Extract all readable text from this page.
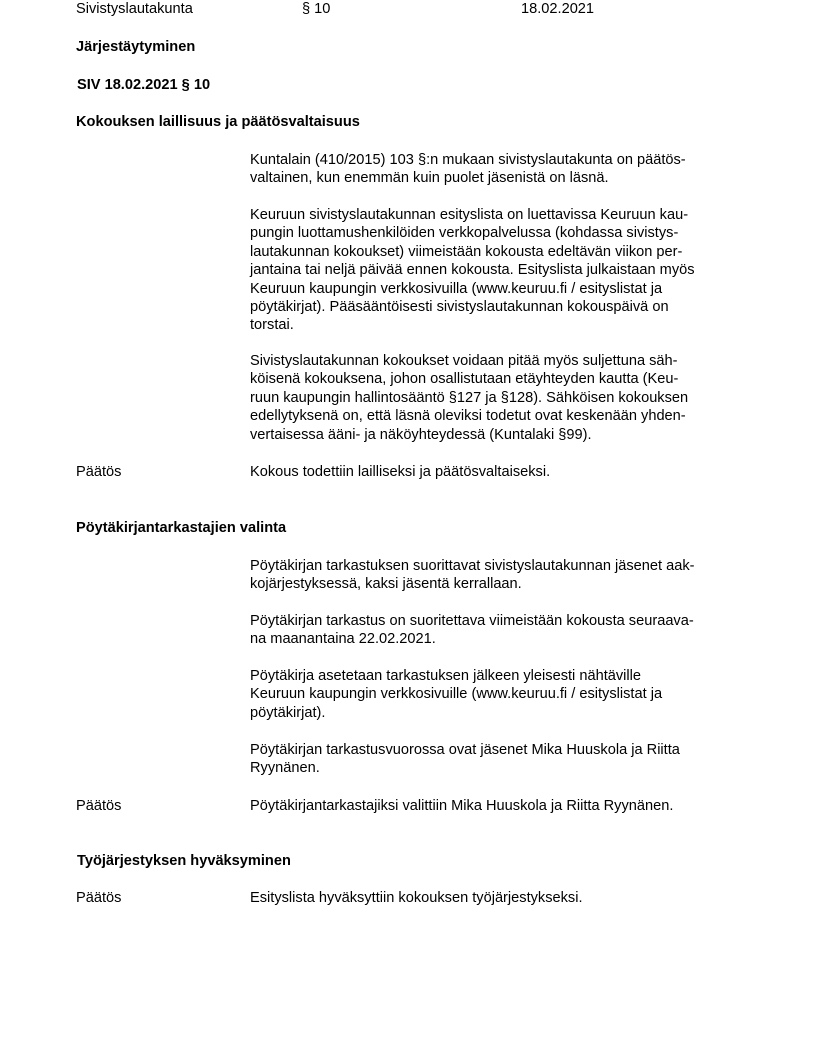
Sivistyslautakunta	§ 10	18.02.2021
Järjestäytyminen
SIV 18.02.2021 § 10
Kokouksen laillisuus ja päätösvaltaisuus
Kuntalain (410/2015) 103 §:n mukaan sivistyslautakunta on päätös-
valtainen, kun enemmän kuin puolet jäsenistä on läsnä.
Keuruun sivistyslautakunnan esityslista on luettavissa Keuruun kau-
pungin luottamushenkilöiden verkkopalvelussa (kohdassa sivistys-
lautakunnan kokoukset) viimeistään kokousta edeltävän viikon per-
jantaina tai neljä päivää ennen kokousta. Esityslista julkaistaan myös
Keuruun kaupungin verkkosivuilla (www.keuruu.fi / esityslistat ja
pöytäkirjat). Pääsääntöisesti sivistyslautakunnan kokouspäivä on
torstai.
Sivistyslautakunnan kokoukset voidaan pitää myös suljettuna säh-
köisenä kokouksena, johon osallistutaan etäyhteyden kautta (Keu-
ruun kaupungin hallintosääntö §127 ja §128). Sähköisen kokouksen
edellytyksenä on, että läsnä oleviksi todetut ovat keskenään yhden-
vertaisessa ääni- ja näköyhteydessä (Kuntalaki §99).
Päätös	Kokous todettiin lailliseksi ja päätösvaltaiseksi.
Pöytäkirjantarkastajien valinta
Pöytäkirjan tarkastuksen suorittavat sivistyslautakunnan jäsenet aak-
kojärjestyksessä, kaksi jäsentä kerrallaan.
Pöytäkirjan tarkastus on suoritettava viimeistään kokousta seuraava-
na maanantaina 22.02.2021.
Pöytäkirja asetetaan tarkastuksen jälkeen yleisesti nähtäville
Keuruun kaupungin verkkosivuille (www.keuruu.fi / esityslistat ja
pöytäkirjat).
Pöytäkirjan tarkastusvuorossa ovat jäsenet Mika Huuskola ja Riitta
Ryynänen.
Päätös	Pöytäkirjantarkastajiksi valittiin Mika Huuskola ja Riitta Ryynänen.
Työjärjestyksen hyväksyminen
Päätös	Esityslista hyväksyttiin kokouksen työjärjestykseksi.
